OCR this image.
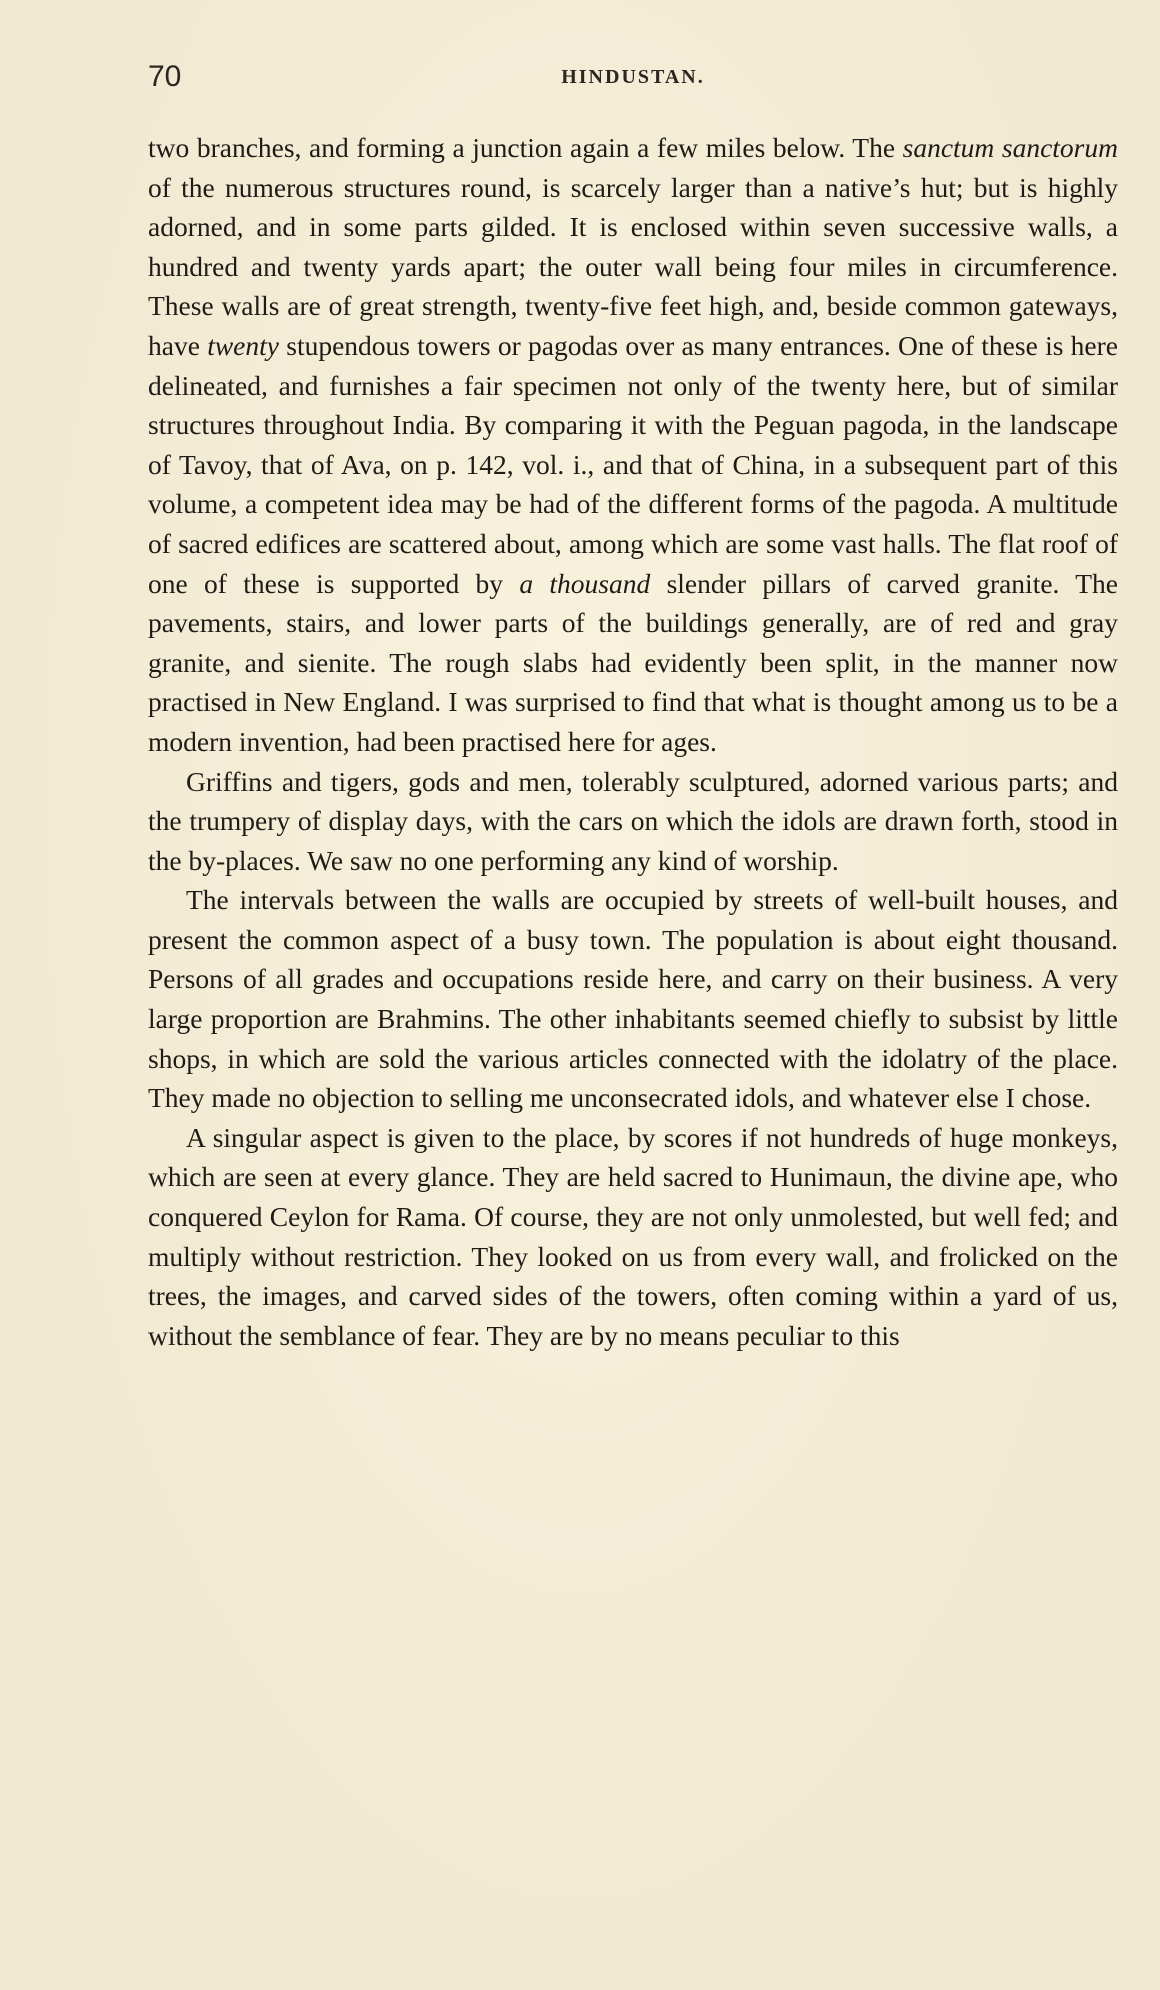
70	HINDUSTAN.

two branches, and forming a junction again a few miles below. The sanctum sanctorum of the numerous structures round, is scarcely larger than a native’s hut; but is highly adorned, and in some parts gilded. It is enclosed within seven successive walls, a hundred and twenty yards apart; the outer wall being four miles in circumference. These walls are of great strength, twenty-five feet high, and, beside common gateways, have twenty stupendous towers or pagodas over as many entrances. One of these is here delineated, and furnishes a fair specimen not only of the twenty here, but of similar structures throughout India. By comparing it with the Peguan pagoda, in the landscape of Tavoy, that of Ava, on p. 142, vol. i., and that of China, in a subsequent part of this volume, a competent idea may be had of the different forms of the pagoda. A multitude of sacred edifices are scattered about, among which are some vast halls. The flat roof of one of these is supported by a thousand slender pillars of carved granite. The pavements, stairs, and lower parts of the buildings generally, are of red and gray granite, and sienite. The rough slabs had evidently been split, in the manner now practised in New England. I was surprised to find that what is thought among us to be a modern invention, had been practised here for ages.

Griffins and tigers, gods and men, tolerably sculptured, adorned various parts; and the trumpery of display days, with the cars on which the idols are drawn forth, stood in the by-places. We saw no one performing any kind of worship.

The intervals between the walls are occupied by streets of well-built houses, and present the common aspect of a busy town. The population is about eight thousand. Persons of all grades and occupations reside here, and carry on their business. A very large proportion are Brahmins. The other inhabitants seemed chiefly to subsist by little shops, in which are sold the various articles connected with the idolatry of the place. They made no objection to selling me unconsecrated idols, and whatever else I chose.

A singular aspect is given to the place, by scores if not hundreds of huge monkeys, which are seen at every glance. They are held sacred to Hunimaun, the divine ape, who conquered Ceylon for Rama. Of course, they are not only unmolested, but well fed; and multiply without restriction. They looked on us from every wall, and frolicked on the trees, the images, and carved sides of the towers, often coming within a yard of us, without the semblance of fear. They are by no means peculiar to this
